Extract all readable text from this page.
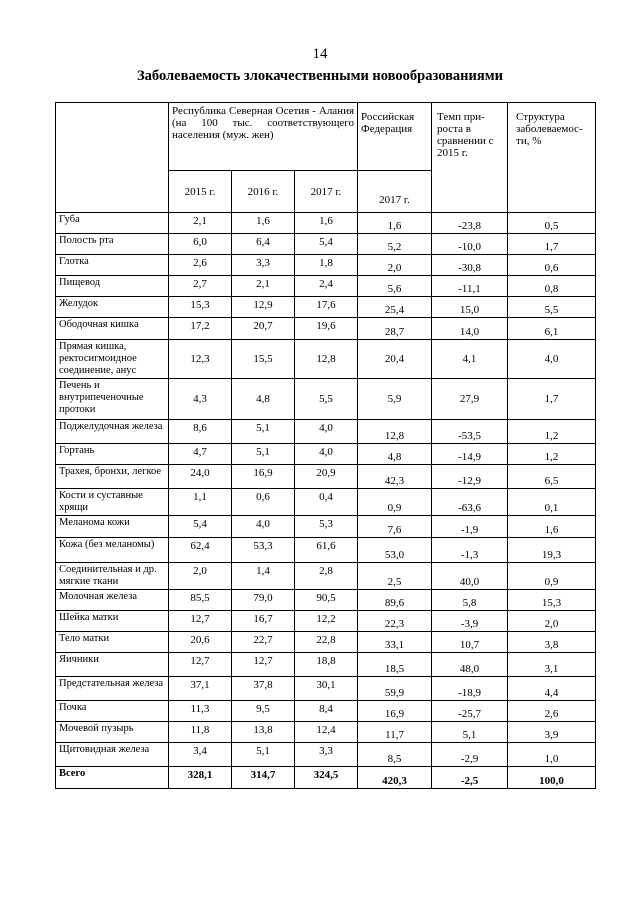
14
Заболеваемость злокачественными новообразованиями
	Республика Северная Осетия - Алания (на 100 тыс. соответствующего населения (муж. жен)			Российская Федерация	Темп при-роста в сравнении с 2015 г.	Структура заболеваемос-ти, %
	2015 г.	2016 г.	2017 г.	2017 г.		
Губа	2,1	1,6	1,6	1,6	-23,8	0,5
Полость рта	6,0	6,4	5,4	5,2	-10,0	1,7
Глотка	2,6	3,3	1,8	2,0	-30,8	0,6
Пищевод	2,7	2,1	2,4	5,6	-11,1	0,8
Желудок	15,3	12,9	17,6	25,4	15,0	5,5
Ободочная кишка	17,2	20,7	19,6	28,7	14,0	6,1
Прямая кишка, ректосигмоидное соединение, анус	12,3	15,5	12,8	20,4	4,1	4,0
Печень и внутрипеченочные протоки	4,3	4,8	5,5	5,9	27,9	1,7
Поджелудочная железа	8,6	5,1	4,0	12,8	-53,5	1,2
Гортань	4,7	5,1	4,0	4,8	-14,9	1,2
Трахея, бронхи, легкое	24,0	16,9	20,9	42,3	-12,9	6,5
Кости и суставные хрящи	1,1	0,6	0,4	0,9	-63,6	0,1
Меланома кожи	5,4	4,0	5,3	7,6	-1,9	1,6
Кожа (без меланомы)	62,4	53,3	61,6	53,0	-1,3	19,3
Соединительная и др. мягкие ткани	2,0	1,4	2,8	2,5	40,0	0,9
Молочная железа	85,5	79,0	90,5	89,6	5,8	15,3
Шейка матки	12,7	16,7	12,2	22,3	-3,9	2,0
Тело матки	20,6	22,7	22,8	33,1	10,7	3,8
Яичники	12,7	12,7	18,8	18,5	48,0	3,1
Предстательная железа	37,1	37,8	30,1	59,9	-18,9	4,4
Почка	11,3	9,5	8,4	16,9	-25,7	2,6
Мочевой пузырь	11,8	13,8	12,4	11,7	5,1	3,9
Щитовидная железа	3,4	5,1	3,3	8,5	-2,9	1,0
Всего	328,1	314,7	324,5	420,3	-2,5	100,0
